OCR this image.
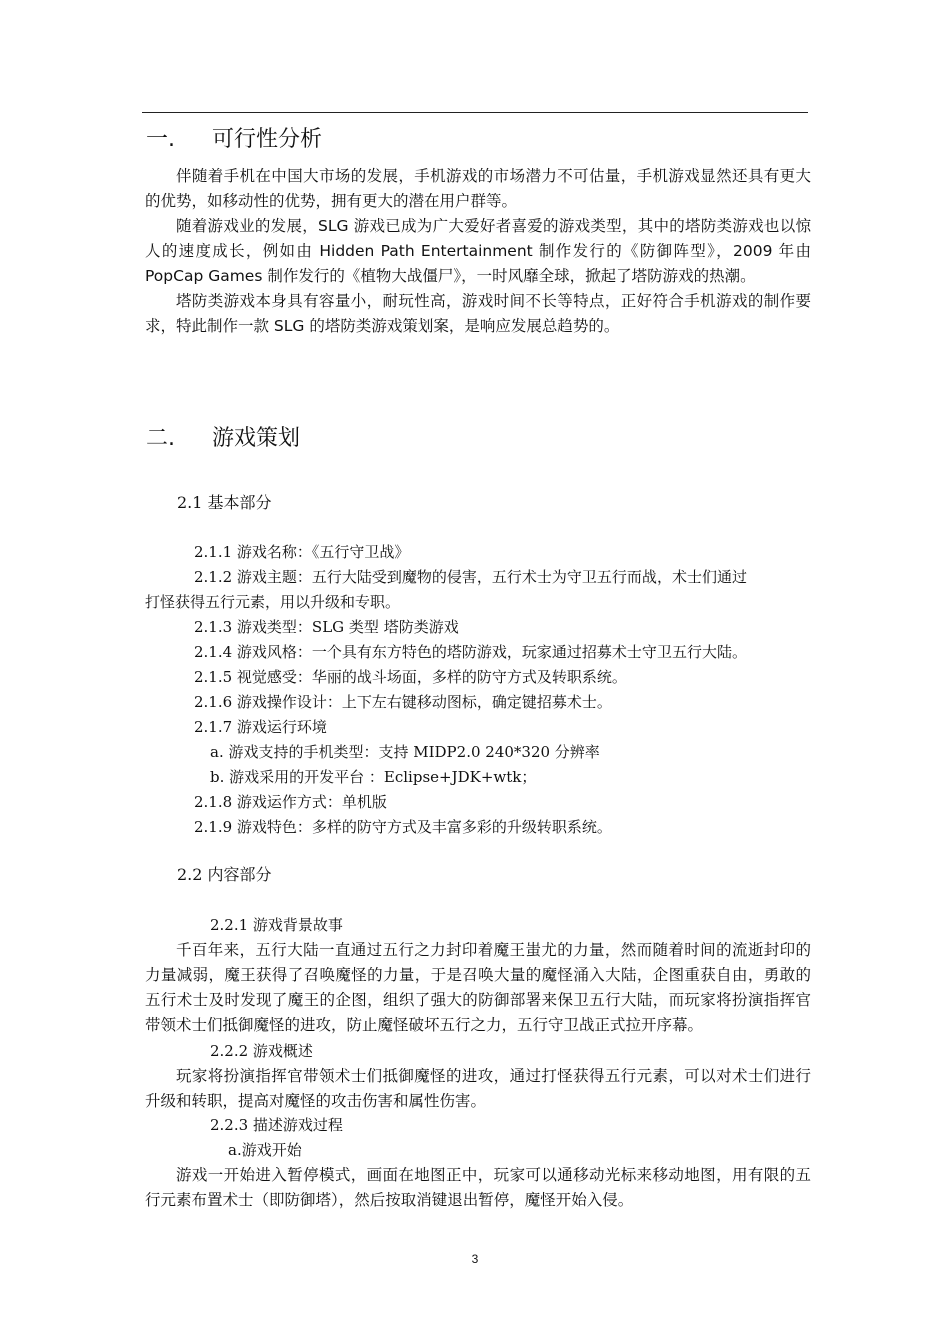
一. 可行性分析

伴随着手机在中国大市场的发展，手机游戏的市场潜力不可估量，手机游戏显然还具有更大的优势，如移动性的优势，拥有更大的潜在用户群等。

随着游戏业的发展，SLG 游戏已成为广大爱好者喜爱的游戏类型，其中的塔防类游戏也以惊人的速度成长，例如由 Hidden Path Entertainment 制作发行的《防御阵型》，2009 年由 PopCap Games 制作发行的《植物大战僵尸》，一时风靡全球，掀起了塔防游戏的热潮。

塔防类游戏本身具有容量小，耐玩性高，游戏时间不长等特点，正好符合手机游戏的制作要求，特此制作一款 SLG 的塔防类游戏策划案，是响应发展总趋势的。

二. 游戏策划
2.1 基本部分
2.1.1 游戏名称：《五行守卫战》
2.1.2 游戏主题：五行大陆受到魔物的侵害，五行术士为守卫五行而战，术士们通过
打怪获得五行元素，用以升级和专职。
2.1.3 游戏类型：SLG 类型 塔防类游戏
2.1.4 游戏风格：一个具有东方特色的塔防游戏，玩家通过招募术士守卫五行大陆。
2.1.5 视觉感受：华丽的战斗场面，多样的防守方式及转职系统。
2.1.6 游戏操作设计：上下左右键移动图标，确定键招募术士。
2.1.7 游戏运行环境
a. 游戏支持的手机类型：支持 MIDP2.0 240*320 分辨率
b. 游戏采用的开发平台 ：Eclipse+JDK+wtk；
2.1.8 游戏运作方式：单机版
2.1.9 游戏特色：多样的防守方式及丰富多彩的升级转职系统。
2.2 内容部分
2.2.1 游戏背景故事

千百年来，五行大陆一直通过五行之力封印着魔王蚩尤的力量，然而随着时间的流逝封印的力量减弱，魔王获得了召唤魔怪的力量，于是召唤大量的魔怪涌入大陆，企图重获自由，勇敢的五行术士及时发现了魔王的企图，组织了强大的防御部署来保卫五行大陆，而玩家将扮演指挥官带领术士们抵御魔怪的进攻，防止魔怪破坏五行之力，五行守卫战正式拉开序幕。

2.2.2 游戏概述

玩家将扮演指挥官带领术士们抵御魔怪的进攻，通过打怪获得五行元素，可以对术士们进行升级和转职，提高对魔怪的攻击伤害和属性伤害。

2.2.3 描述游戏过程
a.游戏开始

游戏一开始进入暂停模式，画面在地图正中，玩家可以通移动光标来移动地图，用有限的五行元素布置术士（即防御塔），然后按取消键退出暂停，魔怪开始入侵。

3
